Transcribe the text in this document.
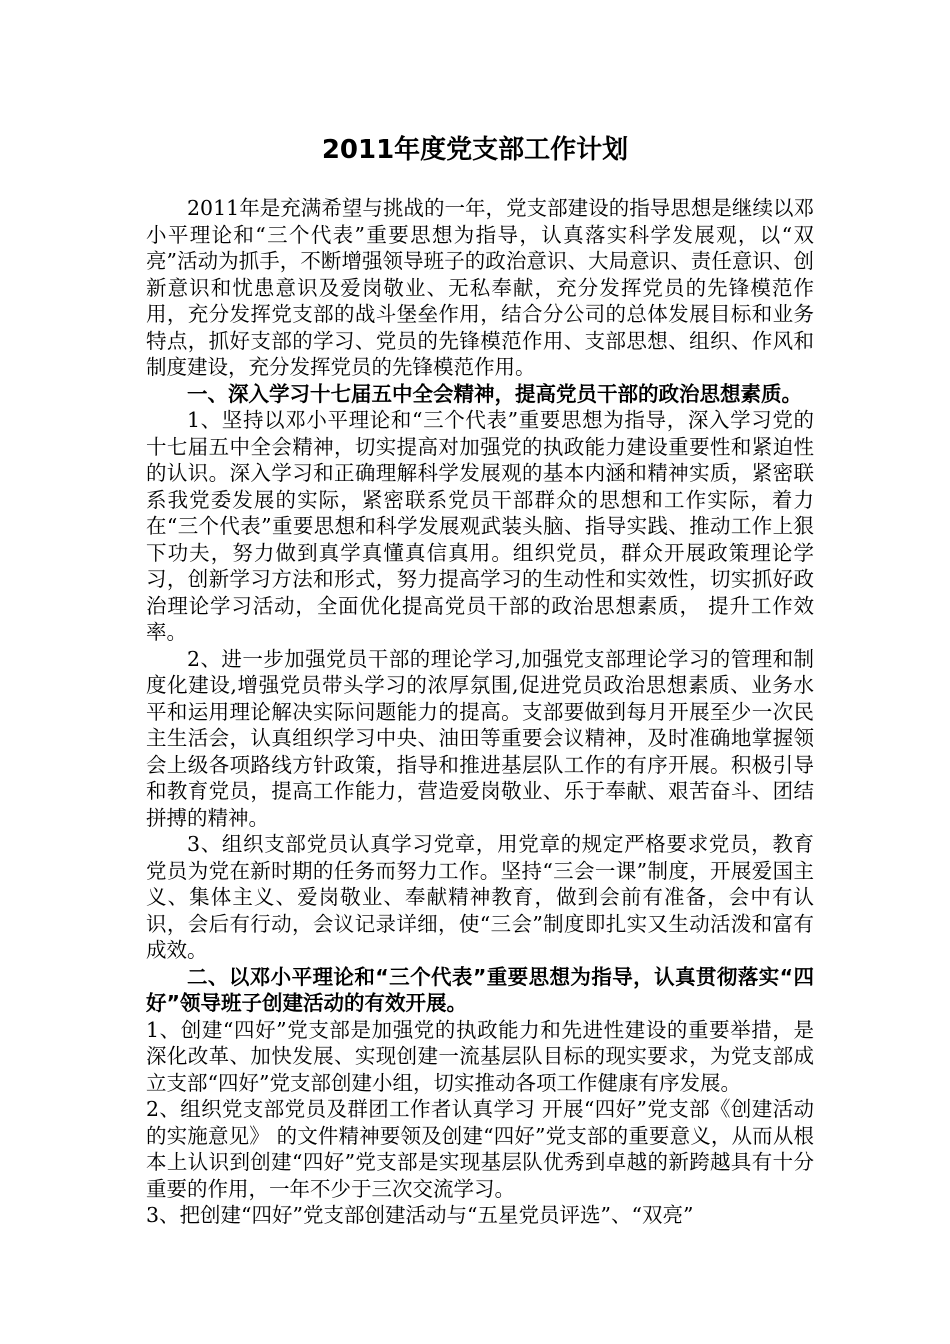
2011年度党支部工作计划

2011年是充满希望与挑战的一年，党支部建设的指导思想是继续以邓小平理论和“三个代表”重要思想为指导，认真落实科学发展观，以“双亮”活动为抓手，不断增强领导班子的政治意识、大局意识、责任意识、创新意识和忧患意识及爱岗敬业、无私奉献，充分发挥党员的先锋模范作用，充分发挥党支部的战斗堡垒作用，结合分公司的总体发展目标和业务特点，抓好支部的学习、党员的先锋模范作用、支部思想、组织、作风和制度建设，充分发挥党员的先锋模范作用。

一、深入学习十七届五中全会精神，提高党员干部的政治思想素质。

1、坚持以邓小平理论和“三个代表”重要思想为指导，深入学习党的十七届五中全会精神，切实提高对加强党的执政能力建设重要性和紧迫性的认识。深入学习和正确理解科学发展观的基本内涵和精神实质，紧密联系我党委发展的实际，紧密联系党员干部群众的思想和工作实际，着力在“三个代表”重要思想和科学发展观武装头脑、指导实践、推动工作上狠下功夫，努力做到真学真懂真信真用。组织党员，群众开展政策理论学习，创新学习方法和形式，努力提高学习的生动性和实效性，切实抓好政治理论学习活动，全面优化提高党员干部的政治思想素质， 提升工作效率。

2、进一步加强党员干部的理论学习,加强党支部理论学习的管理和制度化建设,增强党员带头学习的浓厚氛围,促进党员政治思想素质、业务水平和运用理论解决实际问题能力的提高。支部要做到每月开展至少一次民主生活会，认真组织学习中央、油田等重要会议精神，及时准确地掌握领会上级各项路线方针政策，指导和推进基层队工作的有序开展。积极引导和教育党员，提高工作能力，营造爱岗敬业、乐于奉献、艰苦奋斗、团结拼搏的精神。

3、组织支部党员认真学习党章，用党章的规定严格要求党员，教育党员为党在新时期的任务而努力工作。坚持“三会一课”制度，开展爱国主义、集体主义、爱岗敬业、奉献精神教育，做到会前有准备，会中有认识，会后有行动，会议记录详细，使“三会”制度即扎实又生动活泼和富有成效。

二、以邓小平理论和“三个代表”重要思想为指导，认真贯彻落实“四好”领导班子创建活动的有效开展。

1、创建“四好”党支部是加强党的执政能力和先进性建设的重要举措，是深化改革、加快发展、实现创建一流基层队目标的现实要求，为党支部成立支部“四好”党支部创建小组，切实推动各项工作健康有序发展。

2、组织党支部党员及群团工作者认真学习 开展“四好”党支部《创建活动的实施意见》 的文件精神要领及创建“四好”党支部的重要意义，从而从根本上认识到创建“四好”党支部是实现基层队优秀到卓越的新跨越具有十分重要的作用，一年不少于三次交流学习。

3、把创建“四好”党支部创建活动与“五星党员评选”、“双亮”
